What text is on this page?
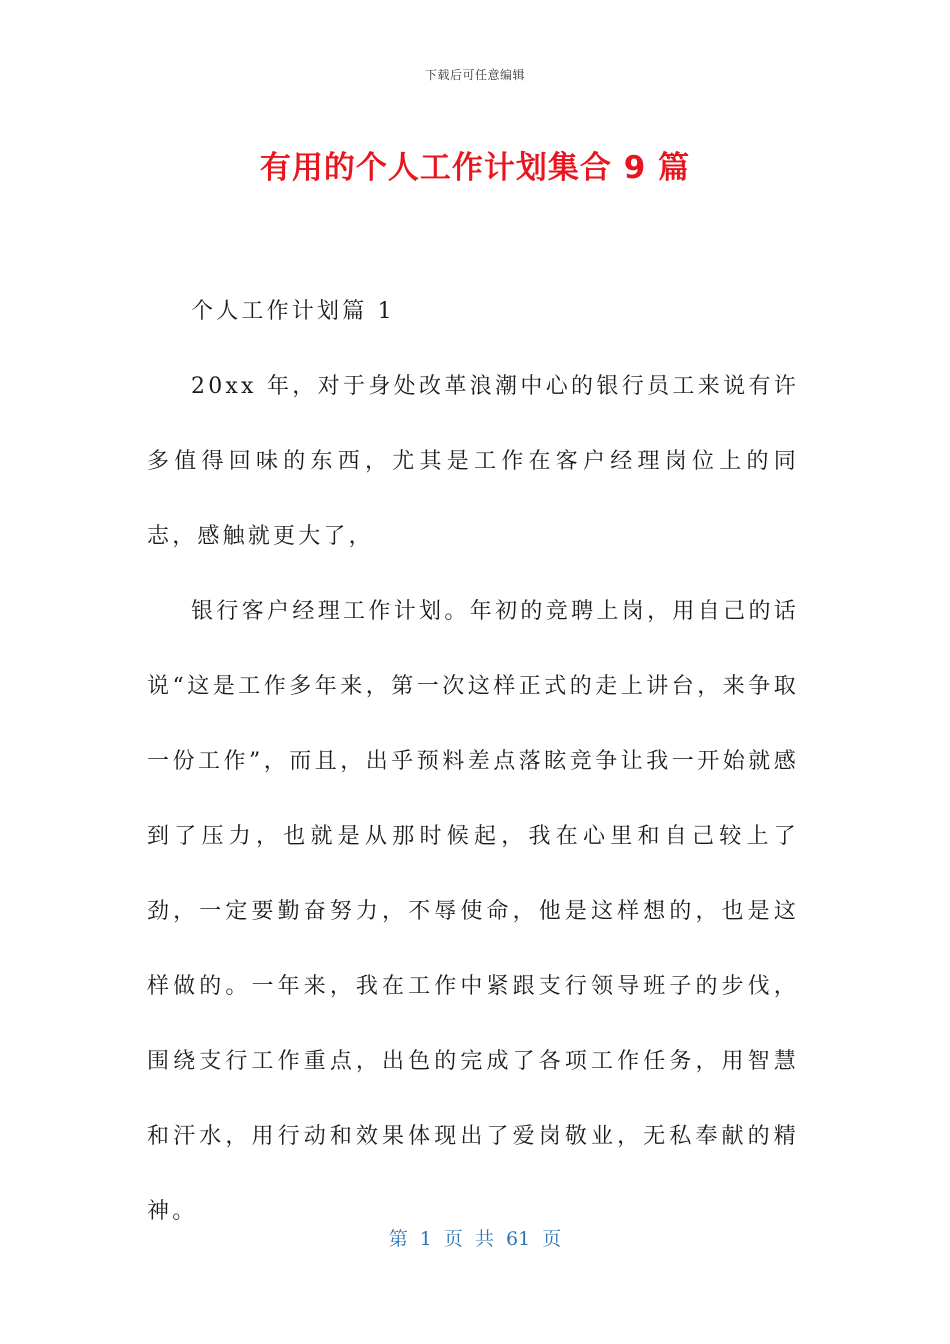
下载后可任意编辑
有用的个人工作计划集合 9 篇

个人工作计划篇 1

20xx 年，对于身处改革浪潮中心的银行员工来说有许多值得回味的东西，尤其是工作在客户经理岗位上的同志，感触就更大了，

银行客户经理工作计划。年初的竞聘上岗，用自己的话说“这是工作多年来，第一次这样正式的走上讲台，来争取一份工作”，而且，出乎预料差点落眩竞争让我一开始就感到了压力，也就是从那时候起，我在心里和自己较上了劲，一定要勤奋努力，不辱使命，他是这样想的，也是这样做的。一年来，我在工作中紧跟支行领导班子的步伐，围绕支行工作重点，出色的完成了各项工作任务，用智慧和汗水，用行动和效果体现出了爱岗敬业，无私奉献的精神。

第 1 页 共 61 页
